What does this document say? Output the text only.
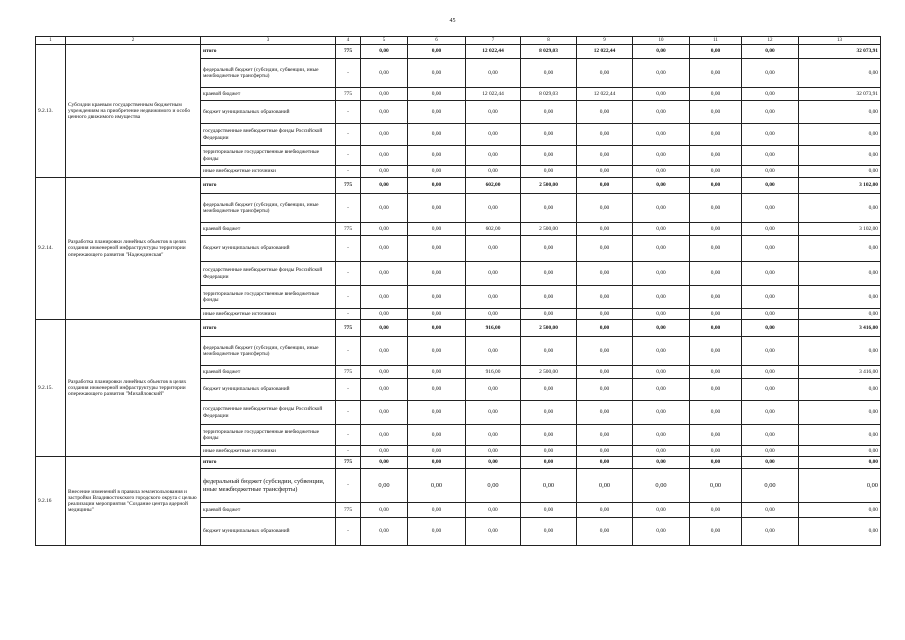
45
1	2	3	4	5	6	7	8	9	10	11	12	13
9.2.13.	Субсидии краевым государственным бюджетным учреждениям на приобретение недвижимого и особо ценного движимого имущества	итого	775	0,00	0,00	12 022,44	8 029,03	12 022,44	0,00	0,00	0,00	32 073,91
		федеральный бюджет (субсидии, субвенции, иные межбюджетные трансферты)	-	0,00	0,00	0,00	0,00	0,00	0,00	0,00	0,00	0,00
		краевой бюджет	775	0,00	0,00	12 022,44	8 029,03	12 022,44	0,00	0,00	0,00	32 073,91
		бюджет муниципальных образований	-	0,00	0,00	0,00	0,00	0,00	0,00	0,00	0,00	0,00
		государственные внебюджетные фонды Российской Федерации	-	0,00	0,00	0,00	0,00	0,00	0,00	0,00	0,00	0,00
		территориальные государственные внебюджетные фонды	-	0,00	0,00	0,00	0,00	0,00	0,00	0,00	0,00	0,00
		иные внебюджетные источники	-	0,00	0,00	0,00	0,00	0,00	0,00	0,00	0,00	0,00
9.2.14.	Разработка планировки линейных объектов в целях создания инженерной инфраструктуры территории опережающего развития "Надеждинская"	итого	775	0,00	0,00	602,00	2 500,00	0,00	0,00	0,00	0,00	3 102,00
		федеральный бюджет (субсидии, субвенции, иные межбюджетные трансферты)	-	0,00	0,00	0,00	0,00	0,00	0,00	0,00	0,00	0,00
		краевой бюджет	775	0,00	0,00	602,00	2 500,00	0,00	0,00	0,00	0,00	3 102,00
		бюджет муниципальных образований	-	0,00	0,00	0,00	0,00	0,00	0,00	0,00	0,00	0,00
		государственные внебюджетные фонды Российской Федерации	-	0,00	0,00	0,00	0,00	0,00	0,00	0,00	0,00	0,00
		территориальные государственные внебюджетные фонды	-	0,00	0,00	0,00	0,00	0,00	0,00	0,00	0,00	0,00
		иные внебюджетные источники	-	0,00	0,00	0,00	0,00	0,00	0,00	0,00	0,00	0,00
9.2.15.	Разработка планировки линейных объектов в целях создания инженерной инфраструктуры территории опережающего развития "Михайловский"	итого	775	0,00	0,00	916,00	2 500,00	0,00	0,00	0,00	0,00	3 416,00
		федеральный бюджет (субсидии, субвенции, иные межбюджетные трансферты)	-	0,00	0,00	0,00	0,00	0,00	0,00	0,00	0,00	0,00
		краевой бюджет	775	0,00	0,00	916,00	2 500,00	0,00	0,00	0,00	0,00	3 416,00
		бюджет муниципальных образований	-	0,00	0,00	0,00	0,00	0,00	0,00	0,00	0,00	0,00
		государственные внебюджетные фонды Российской Федерации	-	0,00	0,00	0,00	0,00	0,00	0,00	0,00	0,00	0,00
		территориальные государственные внебюджетные фонды	-	0,00	0,00	0,00	0,00	0,00	0,00	0,00	0,00	0,00
		иные внебюджетные источники	-	0,00	0,00	0,00	0,00	0,00	0,00	0,00	0,00	0,00
9.2.16	Внесение изменений в правила землепользования и застройки Владивостокского городского округа с целью реализации мероприятия "Создание центра ядерной медицины"	итого	775	0,00	0,00	0,00	0,00	0,00	0,00	0,00	0,00	0,00
		федеральный бюджет (субсидии, субвенции, иные межбюджетные трансферты)	-	0,00	0,00	0,00	0,00	0,00	0,00	0,00	0,00	0,00
		краевой бюджет	775	0,00	0,00	0,00	0,00	0,00	0,00	0,00	0,00	0,00
		бюджет муниципальных образований	-	0,00	0,00	0,00	0,00	0,00	0,00	0,00	0,00	0,00
